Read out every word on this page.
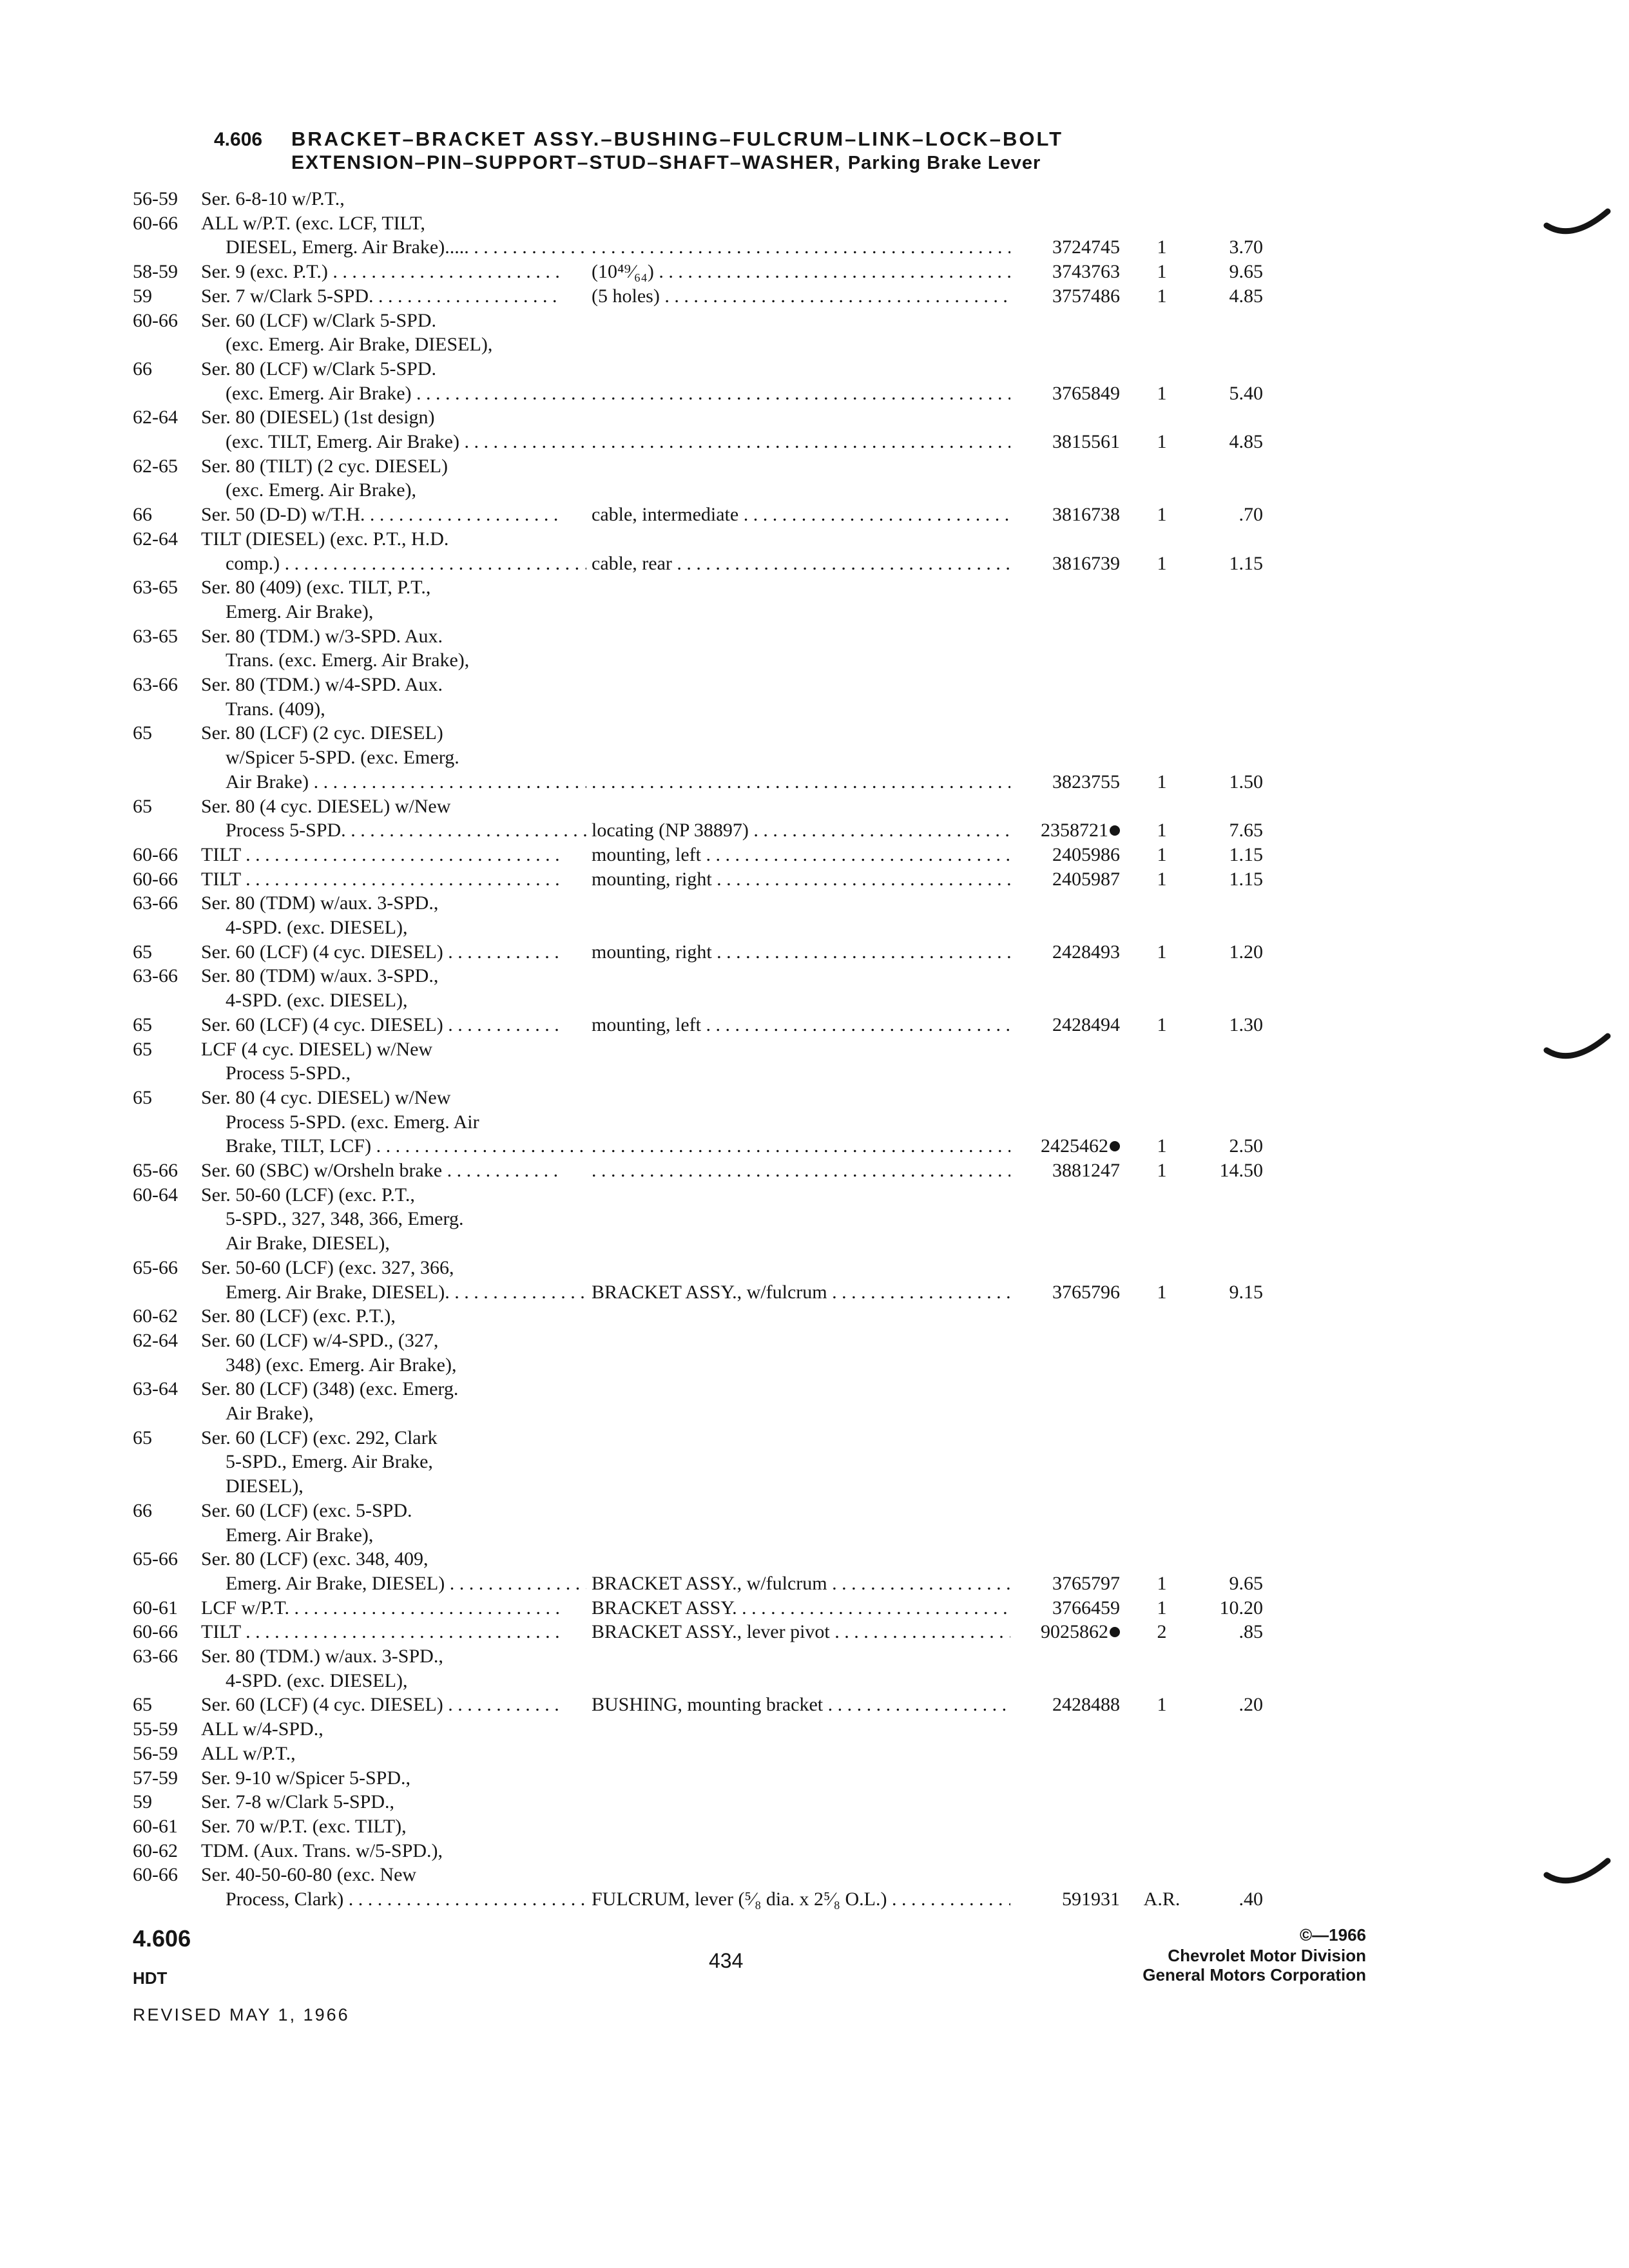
4.606 BRACKET–BRACKET ASSY.–BUSHING–FULCRUM–LINK–LOCK–BOLT
EXTENSION–PIN–SUPPORT–STUD–SHAFT–WASHER, Parking Brake Lever
56-59 Ser. 6-8-10 w/P.T.,
60-66 ALL w/P.T. (exc. LCF, TILT,
DIESEL, Emerg. Air Brake)..... . . . . . .	3724745	1	3.70
58-59 Ser. 9 (exc. P.T.) . . .	(10⁴⁹⁄₆₄) . . .	3743763	1	9.65
59	Ser. 7 w/Clark 5-SPD. . . .	(5 holes) . . .	3757486	1	4.85
60-66 Ser. 60 (LCF) w/Clark 5-SPD.
(exc. Emerg. Air Brake, DIESEL),
66	Ser. 80 (LCF) w/Clark 5-SPD.
(exc. Emerg. Air Brake) . . . . . .	3765849	1	5.40
62-64 Ser. 80 (DIESEL) (1st design)
(exc. TILT, Emerg. Air Brake) . . . . . . . .	3815561	1	4.85
62-65 Ser. 80 (TILT) (2 cyc. DIESEL)
(exc. Emerg. Air Brake),
66	Ser. 50 (D-D) w/T.H. . . .	cable, intermediate . . .	3816738	1	.70
62-64 TILT (DIESEL) (exc. P.T., H.D.
comp.) . . .	cable, rear . . .	3816739	1	1.15
63-65 Ser. 80 (409) (exc. TILT, P.T.,
Emerg. Air Brake),
63-65 Ser. 80 (TDM.) w/3-SPD. Aux.
Trans. (exc. Emerg. Air Brake),
63-66 Ser. 80 (TDM.) w/4-SPD. Aux.
Trans. (409),
65	Ser. 80 (LCF) (2 cyc. DIESEL)
w/Spicer 5-SPD. (exc. Emerg.
Air Brake) . . . . . .	3823755	1	1.50
65	Ser. 80 (4 cyc. DIESEL) w/New
Process 5-SPD. . . .	locating (NP 38897) . . .	2358721	1	7.65
60-66 TILT . . .	mounting, left . . .	2405986	1	1.15
60-66 TILT . . .	mounting, right . . .	2405987	1	1.15
63-66 Ser. 80 (TDM) w/aux. 3-SPD.,
4-SPD. (exc. DIESEL),
65	Ser. 60 (LCF) (4 cyc. DIESEL) . . . . . . .	mounting, right . . .	2428493	1	1.20
63-66 Ser. 80 (TDM) w/aux. 3-SPD.,
4-SPD. (exc. DIESEL),
65	Ser. 60 (LCF) (4 cyc. DIESEL) . . . . . . .	mounting, left . . .	2428494	1	1.30
65	LCF (4 cyc. DIESEL) w/New
Process 5-SPD.,
65	Ser. 80 (4 cyc. DIESEL) w/New
Process 5-SPD. (exc. Emerg. Air
Brake, TILT, LCF) . . . . . .	2425462	1	2.50
65-66 Ser. 60 (SBC) w/Orsheln brake . . . . . . . . . .	3881247	1	14.50
60-64 Ser. 50-60 (LCF) (exc. P.T.,
5-SPD., 327, 348, 366, Emerg.
Air Brake, DIESEL),
65-66 Ser. 50-60 (LCF) (exc. 327, 366,
Emerg. Air Brake, DIESEL). . . . . . . .	BRACKET ASSY., w/fulcrum . . .	3765796	1	9.15
60-62 Ser. 80 (LCF) (exc. P.T.),
62-64 Ser. 60 (LCF) w/4-SPD., (327,
348) (exc. Emerg. Air Brake),
63-64 Ser. 80 (LCF) (348) (exc. Emerg.
Air Brake),
65	Ser. 60 (LCF) (exc. 292, Clark
5-SPD., Emerg. Air Brake,
DIESEL),
66	Ser. 60 (LCF) (exc. 5-SPD.
Emerg. Air Brake),
65-66 Ser. 80 (LCF) (exc. 348, 409,
Emerg. Air Brake, DIESEL) . . . . . . . .	BRACKET ASSY., w/fulcrum . . .	3765797	1	9.65
60-61 LCF w/P.T. . . .	BRACKET ASSY. . . .	3766459	1	10.20
60-66 TILT . . .	BRACKET ASSY., lever pivot . . .	9025862	2	.85
63-66 Ser. 80 (TDM.) w/aux. 3-SPD.,
4-SPD. (exc. DIESEL),
65	Ser. 60 (LCF) (4 cyc. DIESEL) . . . . . . .	BUSHING, mounting bracket . . .	2428488	1	.20
55-59 ALL w/4-SPD.,
56-59 ALL w/P.T.,
57-59 Ser. 9-10 w/Spicer 5-SPD.,
59	Ser. 7-8 w/Clark 5-SPD.,
60-61 Ser. 70 w/P.T. (exc. TILT),
60-62 TDM. (Aux. Trans. w/5-SPD.),
60-66 Ser. 40-50-60-80 (exc. New
Process, Clark) . . .	FULCRUM, lever (⁵⁄₈ dia. x 2⁵⁄₈ O.L.) . . . . . . .	591931 A.R.	.40
4.606
HDT
REVISED MAY 1, 1966
434
©—1966
Chevrolet Motor Division
General Motors Corporation
